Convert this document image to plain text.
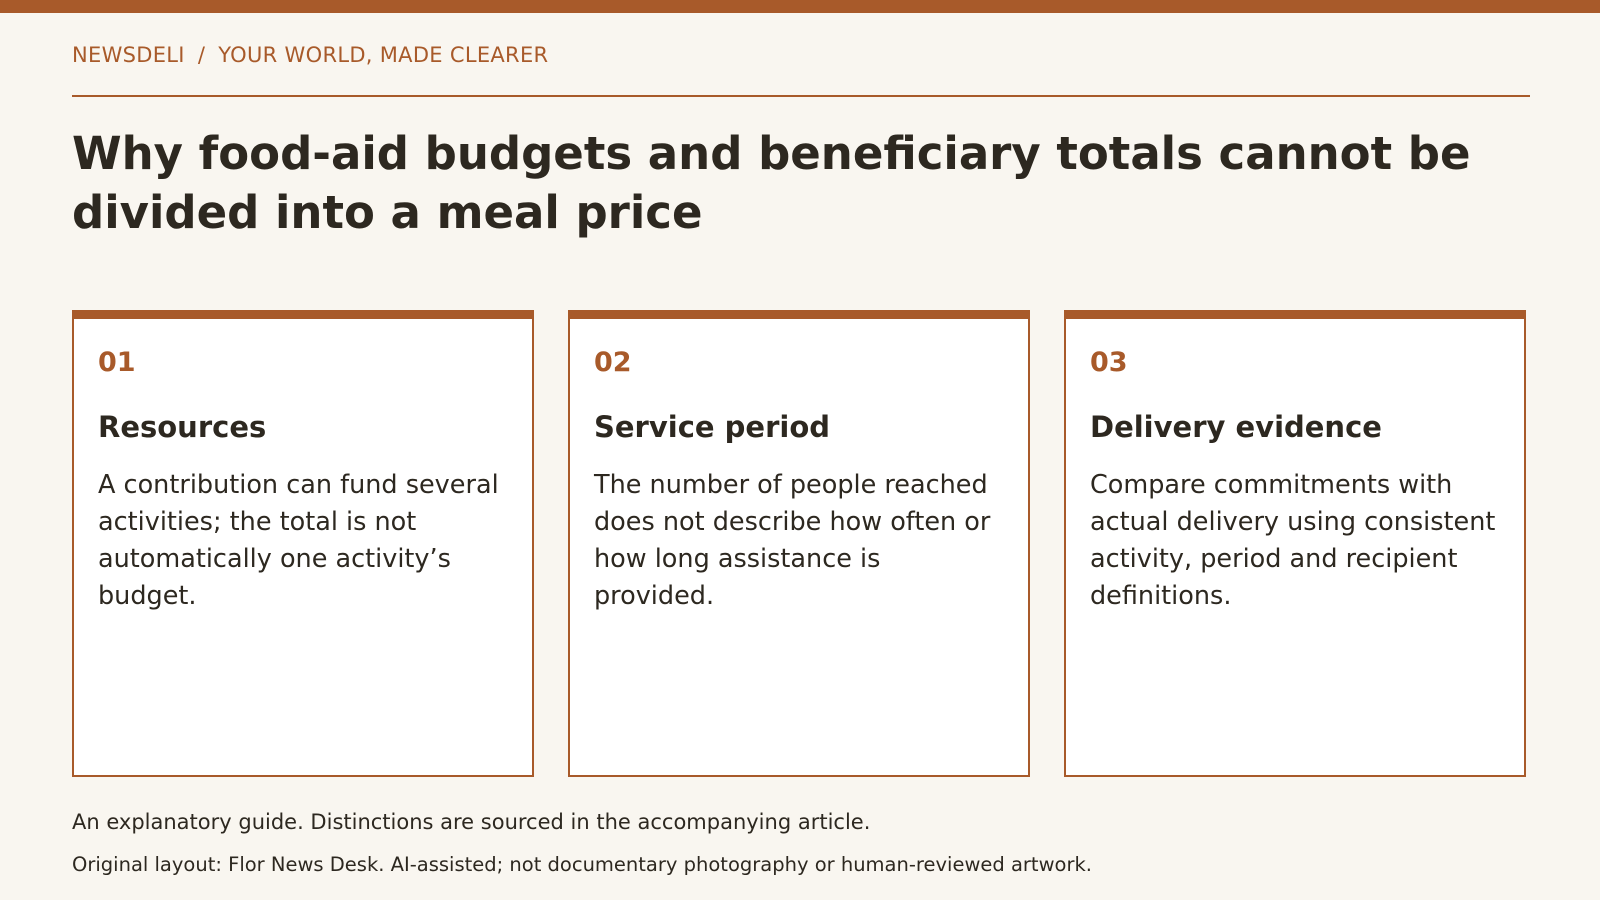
NEWSDELI / YOUR WORLD, MADE CLEARER
Why food-aid budgets and beneficiary totals cannot be divided into a meal price
01
Resources

A contribution can fund several activities; the total is not automatically one activity’s budget.

02
Service period

The number of people reached does not describe how often or how long assistance is provided.

03
Delivery evidence

Compare commitments with actual delivery using consistent activity, period and recipient definitions.

An explanatory guide. Distinctions are sourced in the accompanying article.
Original layout: Flor News Desk. AI-assisted; not documentary photography or human-reviewed artwork.
